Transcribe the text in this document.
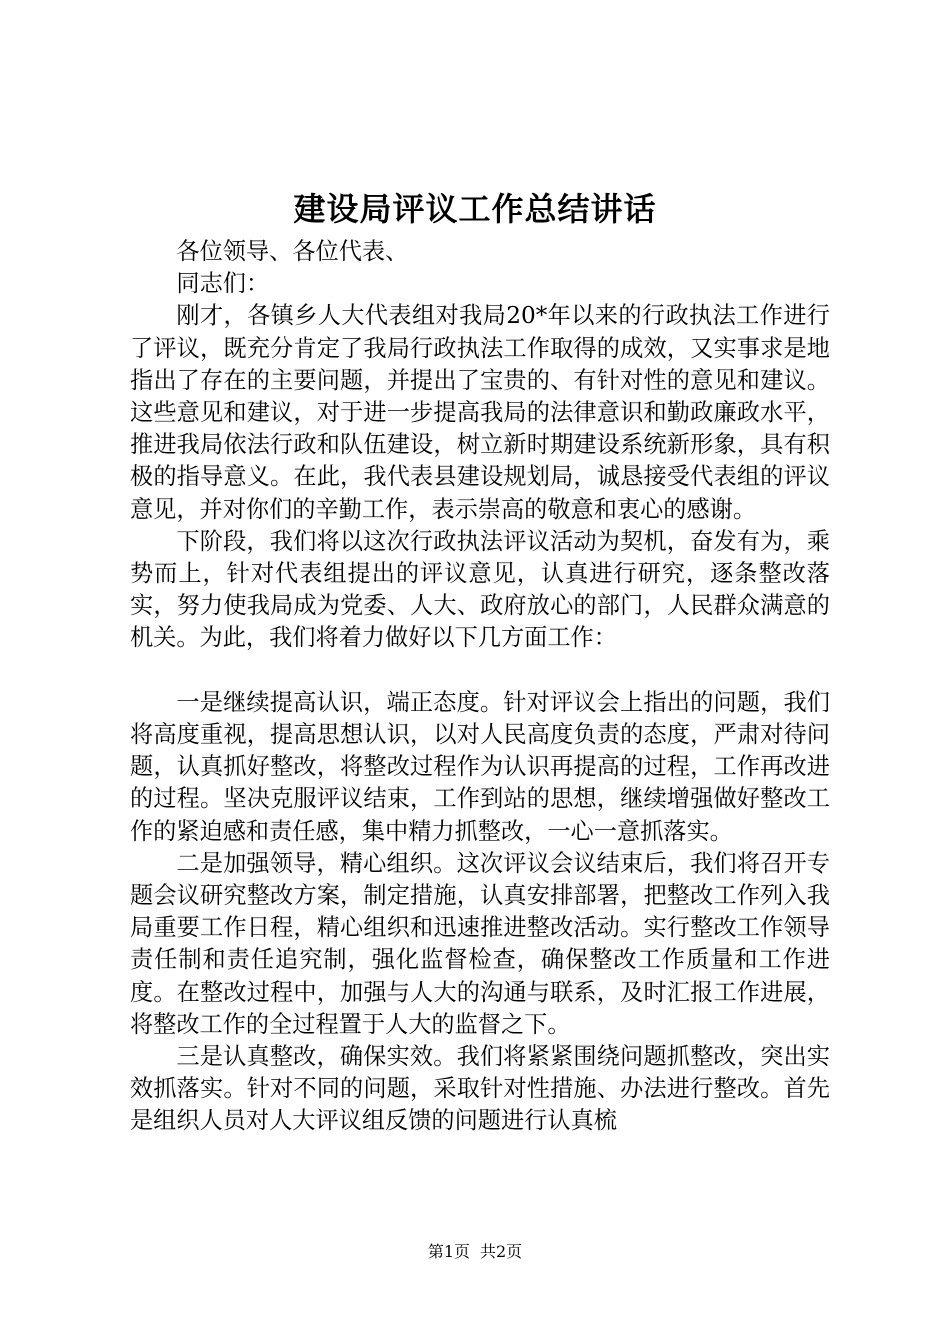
建设局评议工作总结讲话

各位领导、各位代表、

同志们：

刚才，各镇乡人大代表组对我局20*年以来的行政执法工作进行了评议，既充分肯定了我局行政执法工作取得的成效，又实事求是地指出了存在的主要问题，并提出了宝贵的、有针对性的意见和建议。这些意见和建议，对于进一步提高我局的法律意识和勤政廉政水平，推进我局依法行政和队伍建设，树立新时期建设系统新形象，具有积极的指导意义。在此，我代表县建设规划局，诚恳接受代表组的评议意见，并对你们的辛勤工作，表示崇高的敬意和衷心的感谢。

下阶段，我们将以这次行政执法评议活动为契机，奋发有为，乘势而上，针对代表组提出的评议意见，认真进行研究，逐条整改落实，努力使我局成为党委、人大、政府放心的部门，人民群众满意的机关。为此，我们将着力做好以下几方面工作：

一是继续提高认识，端正态度。针对评议会上指出的问题，我们将高度重视，提高思想认识，以对人民高度负责的态度，严肃对待问题，认真抓好整改，将整改过程作为认识再提高的过程，工作再改进的过程。坚决克服评议结束，工作到站的思想，继续增强做好整改工作的紧迫感和责任感，集中精力抓整改，一心一意抓落实。

二是加强领导，精心组织。这次评议会议结束后，我们将召开专题会议研究整改方案，制定措施，认真安排部署，把整改工作列入我局重要工作日程，精心组织和迅速推进整改活动。实行整改工作领导责任制和责任追究制，强化监督检查，确保整改工作质量和工作进度。在整改过程中，加强与人大的沟通与联系，及时汇报工作进展，将整改工作的全过程置于人大的监督之下。

三是认真整改，确保实效。我们将紧紧围绕问题抓整改，突出实效抓落实。针对不同的问题，采取针对性措施、办法进行整改。首先是组织人员对人大评议组反馈的问题进行认真梳

第1页 共2页
